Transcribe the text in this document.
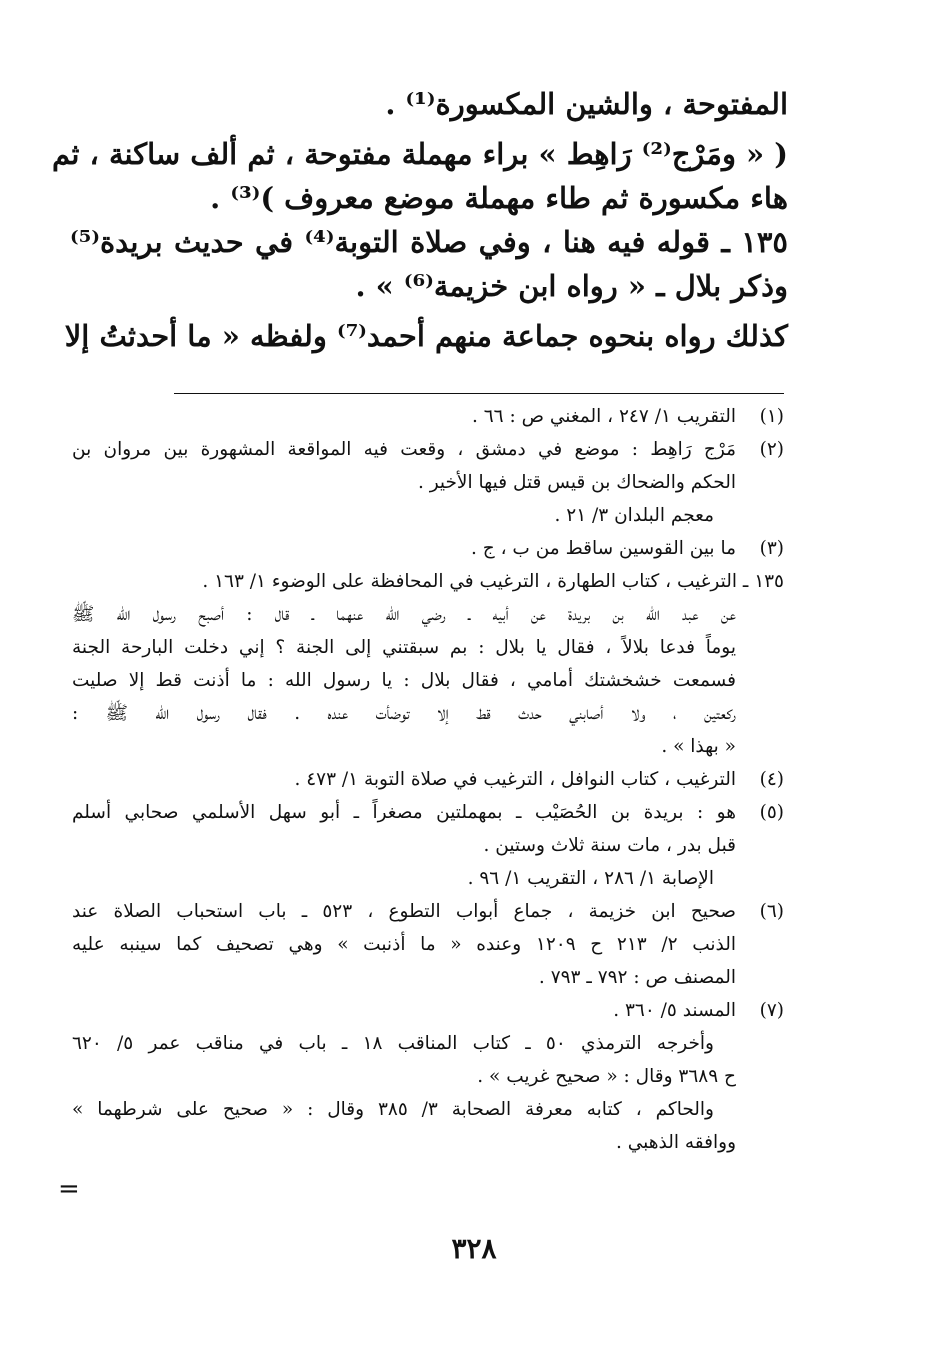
المفتوحة ، والشين المكسورة⁽¹⁾ .
( « ومَرْج⁽²⁾ رَاهِط » براء مهملة مفتوحة ، ثم ألف ساكنة ، ثم
هاء مكسورة ثم طاء مهملة موضع معروف )⁽³⁾ .
١٣٥ ـ قوله فيه هنا ، وفي صلاة التوبة⁽⁴⁾ في حديث بريدة⁽⁵⁾
وذكر بلال ـ « رواه ابن خزيمة⁽⁶⁾ » .
كذلك رواه بنحوه جماعة منهم أحمد⁽⁷⁾ ولفظه « ما أحدثتُ إلا
(١)
التقريب ١/ ٢٤٧ ، المغني ص : ٦٦ .
(٢)
مَرْج رَاهِط : موضع في دمشق ، وقعت فيه المواقعة المشهورة بين مروان بن
الحكم والضحاك بن قيس قتل فيها الأخير .
معجم البلدان ٣/ ٢١ .
(٣)
ما بين القوسين ساقط من ب ، ج .
١٣٥ ـ الترغيب ، كتاب الطهارة ، الترغيب في المحافظة على الوضوء ١/ ١٦٣ .
عن عبد الله بن بريدة عن أبيه ـ رضي الله عنهما ـ قال : أصبح رسول الله ﷺ
يوماً فدعا بلالاً ، فقال يا بلال : بم سبقتني إلى الجنة ؟ إني دخلت البارحة الجنة
فسمعت خشخشتك أمامي ، فقال بلال : يا رسول الله : ما أذنت قط إلا صليت
ركعتين ، ولا أصابني حدث قط إلا توضأت عنده . فقال رسول الله ﷺ :
« بهذا » .
(٤)
الترغيب ، كتاب النوافل ، الترغيب في صلاة التوبة ١/ ٤٧٣ .
(٥)
هو : بريدة بن الحُصَيْب ـ بمهملتين مصغراً ـ أبو سهل الأسلمي صحابي أسلم
قبل بدر ، مات سنة ثلاث وستين .
الإصابة ١/ ٢٨٦ ، التقريب ١/ ٩٦ .
(٦)
صحيح ابن خزيمة ، جماع أبواب التطوع ، ٥٢٣ ـ باب استحباب الصلاة عند
الذنب ٢/ ٢١٣ ح ١٢٠٩ وعنده « ما أذنبت » وهي تصحيف كما سينبه عليه
المصنف ص : ٧٩٢ ـ ٧٩٣ .
(٧)
المسند ٥/ ٣٦٠ .
وأخرجه الترمذي ٥٠ ـ كتاب المناقب ١٨ ـ باب في مناقب عمر ٥/ ٦٢٠
ح ٣٦٨٩ وقال : « صحيح غريب » .
والحاكم ، كتابه معرفة الصحابة ٣/ ٣٨٥ وقال : « صحيح على شرطهما »
ووافقه الذهبي .
=
٣٢٨
